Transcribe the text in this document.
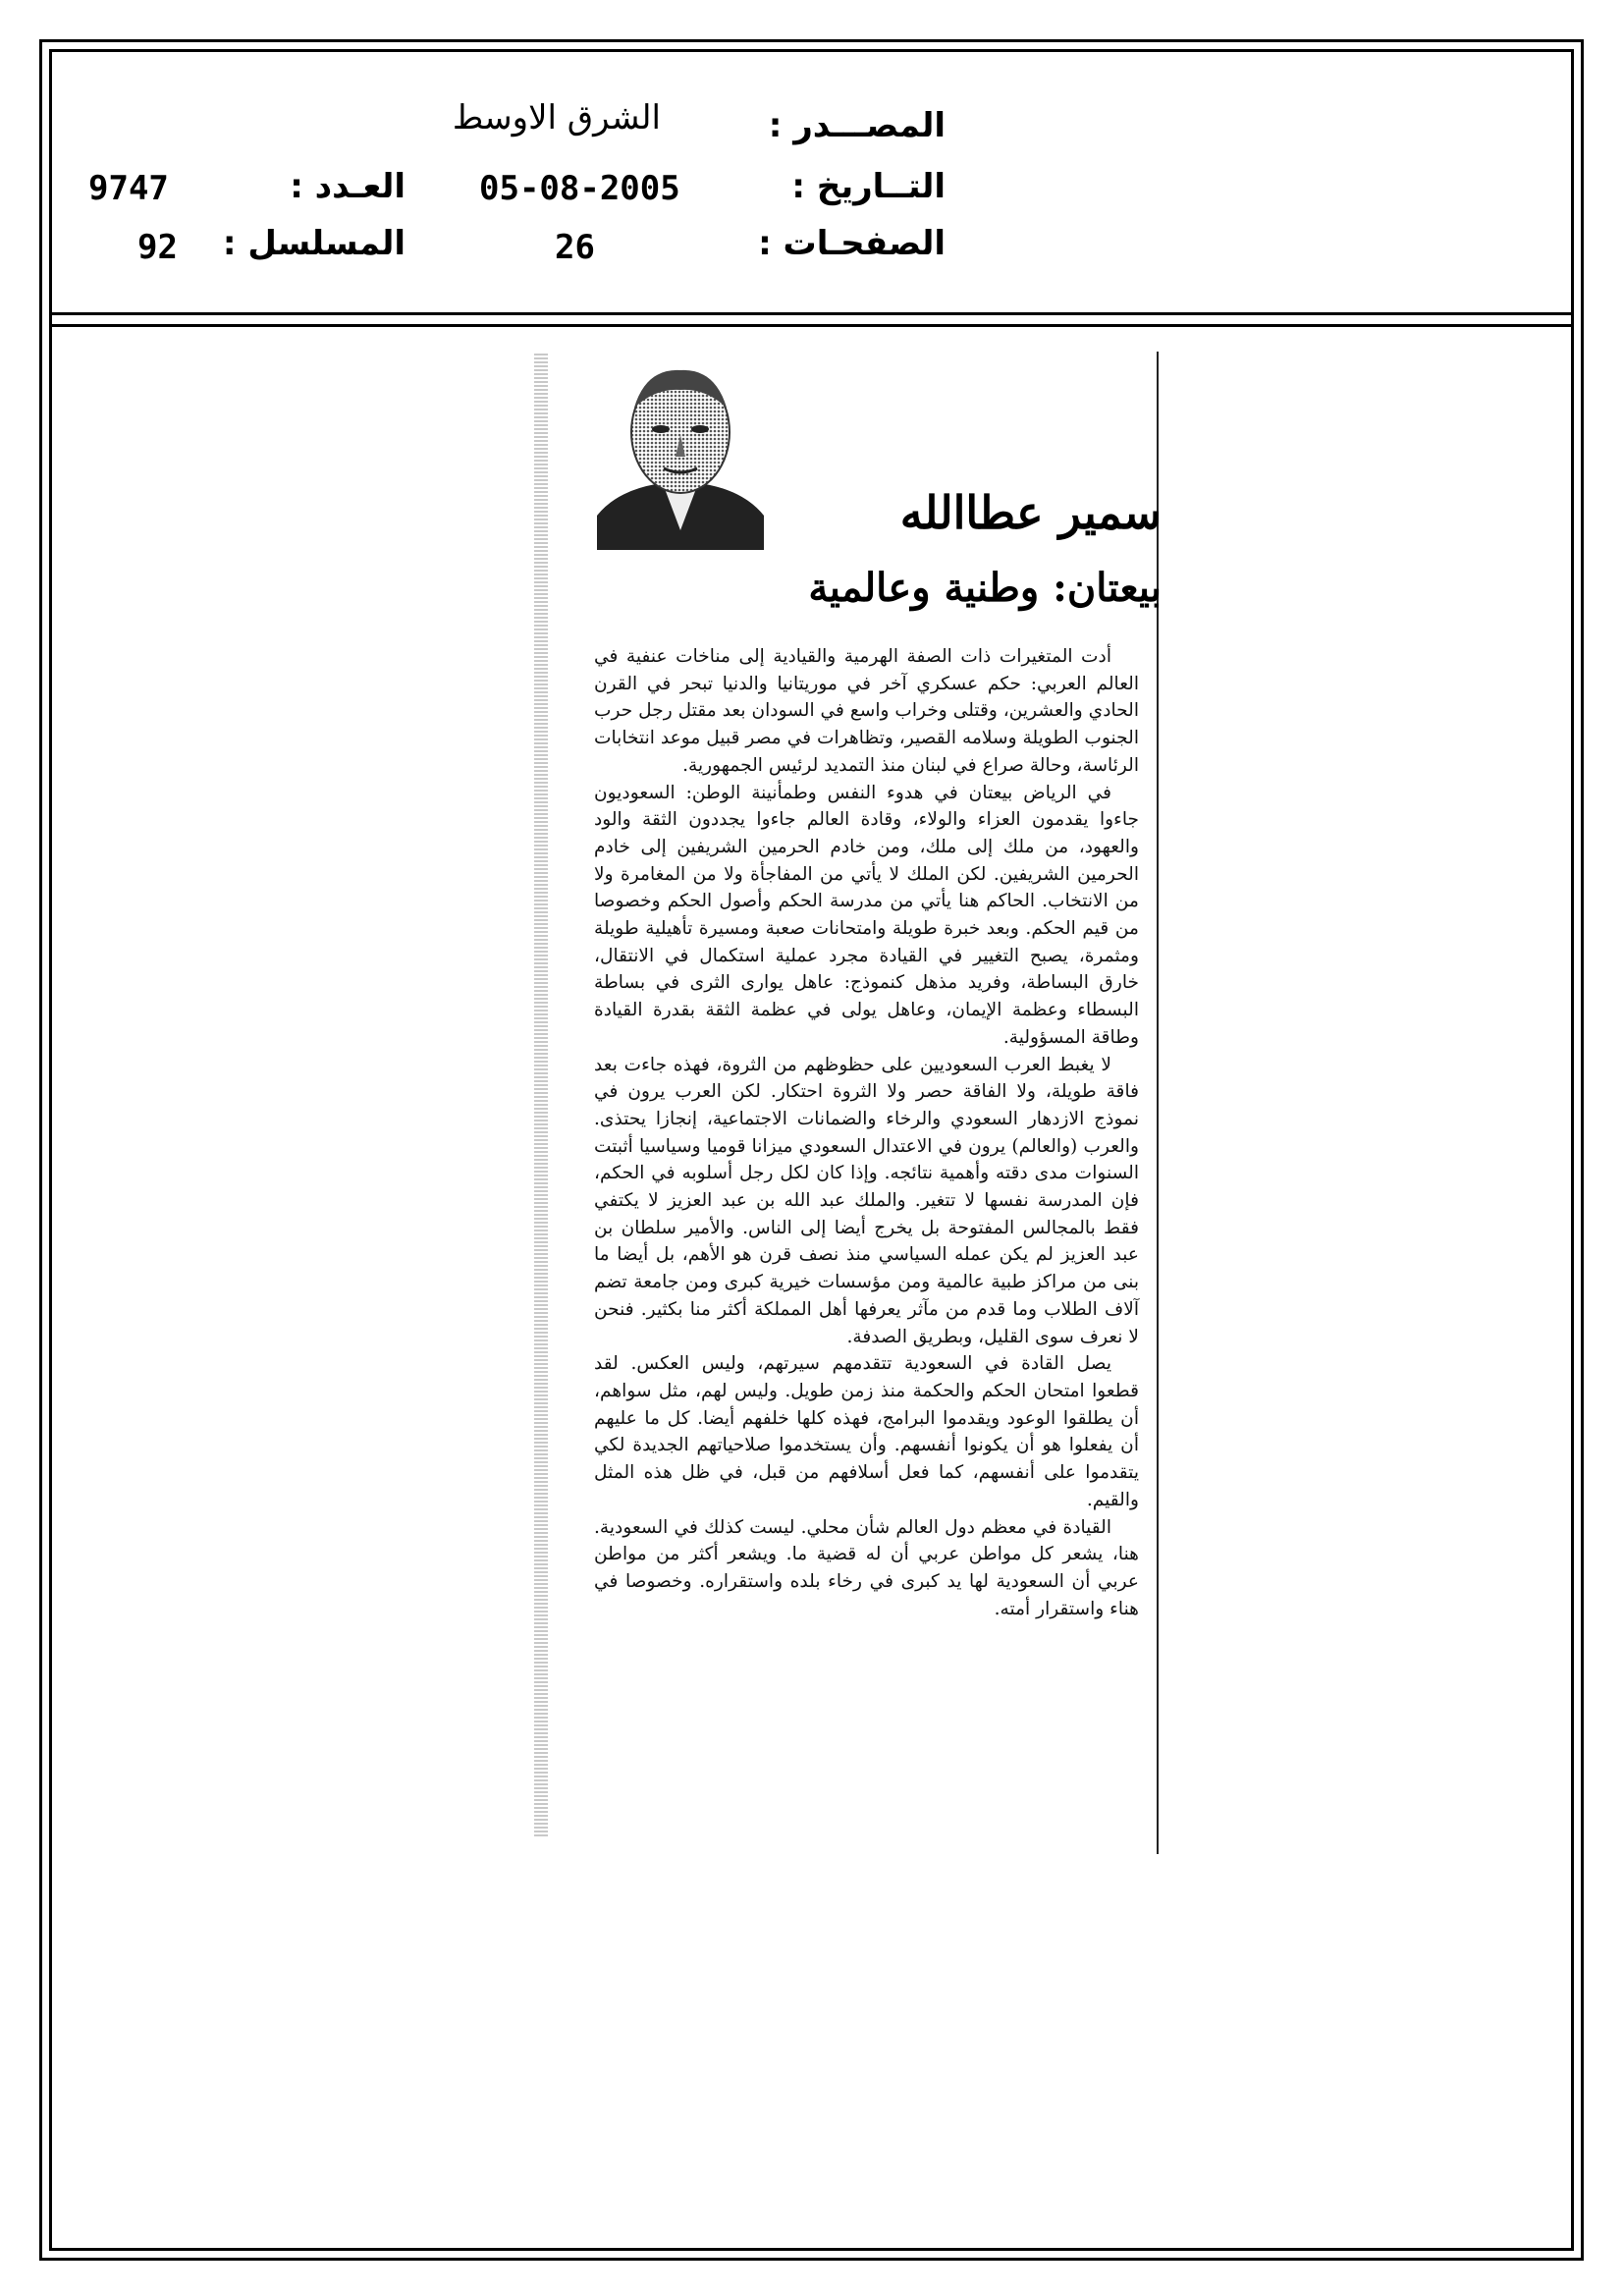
المصـــدر :
الشرق الاوسط
التــاريخ :
05-08-2005
الصفحـات :
26
العـدد :
9747
المسلسل :
92
سمير عطاالله
بيعتان: وطنية وعالمية

أدت المتغيرات ذات الصفة الهرمية والقيادية إلى مناخات عنفية في العالم العربي: حكم عسكري آخر في موريتانيا والدنيا تبحر في القرن الحادي والعشرين، وقتلى وخراب واسع في السودان بعد مقتل رجل حرب الجنوب الطويلة وسلامه القصير، وتظاهرات في مصر قبيل موعد انتخابات الرئاسة، وحالة صراع في لبنان منذ التمديد لرئيس الجمهورية.

في الرياض بيعتان في هدوء النفس وطمأنينة الوطن: السعوديون جاءوا يقدمون العزاء والولاء، وقادة العالم جاءوا يجددون الثقة والود والعهود، من ملك إلى ملك، ومن خادم الحرمين الشريفين إلى خادم الحرمين الشريفين. لكن الملك لا يأتي من المفاجأة ولا من المغامرة ولا من الانتخاب. الحاكم هنا يأتي من مدرسة الحكم وأصول الحكم وخصوصا من قيم الحكم. وبعد خبرة طويلة وامتحانات صعبة ومسيرة تأهيلية طويلة ومثمرة، يصبح التغيير في القيادة مجرد عملية استكمال في الانتقال، خارق البساطة، وفريد مذهل كنموذج: عاهل يوارى الثرى في بساطة البسطاء وعظمة الإيمان، وعاهل يولى في عظمة الثقة بقدرة القيادة وطاقة المسؤولية.

لا يغبط العرب السعوديين على حظوظهم من الثروة، فهذه جاءت بعد فاقة طويلة، ولا الفاقة حصر ولا الثروة احتكار. لكن العرب يرون في نموذج الازدهار السعودي والرخاء والضمانات الاجتماعية، إنجازا يحتذى. والعرب (والعالم) يرون في الاعتدال السعودي ميزانا قوميا وسياسيا أثبتت السنوات مدى دقته وأهمية نتائجه. وإذا كان لكل رجل أسلوبه في الحكم، فإن المدرسة نفسها لا تتغير. والملك عبد الله بن عبد العزيز لا يكتفي فقط بالمجالس المفتوحة بل يخرج أيضا إلى الناس. والأمير سلطان بن عبد العزيز لم يكن عمله السياسي منذ نصف قرن هو الأهم، بل أيضا ما بنى من مراكز طبية عالمية ومن مؤسسات خيرية كبرى ومن جامعة تضم آلاف الطلاب وما قدم من مآثر يعرفها أهل المملكة أكثر منا بكثير. فنحن لا نعرف سوى القليل، وبطريق الصدفة.

يصل القادة في السعودية تتقدمهم سيرتهم، وليس العكس. لقد قطعوا امتحان الحكم والحكمة منذ زمن طويل. وليس لهم، مثل سواهم، أن يطلقوا الوعود ويقدموا البرامج، فهذه كلها خلفهم أيضا. كل ما عليهم أن يفعلوا هو أن يكونوا أنفسهم. وأن يستخدموا صلاحياتهم الجديدة لكي يتقدموا على أنفسهم، كما فعل أسلافهم من قبل، في ظل هذه المثل والقيم.

القيادة في معظم دول العالم شأن محلي. ليست كذلك في السعودية. هنا، يشعر كل مواطن عربي أن له قضية ما. ويشعر أكثر من مواطن عربي أن السعودية لها يد كبرى في رخاء بلده واستقراره. وخصوصا في هناء واستقرار أمته.
